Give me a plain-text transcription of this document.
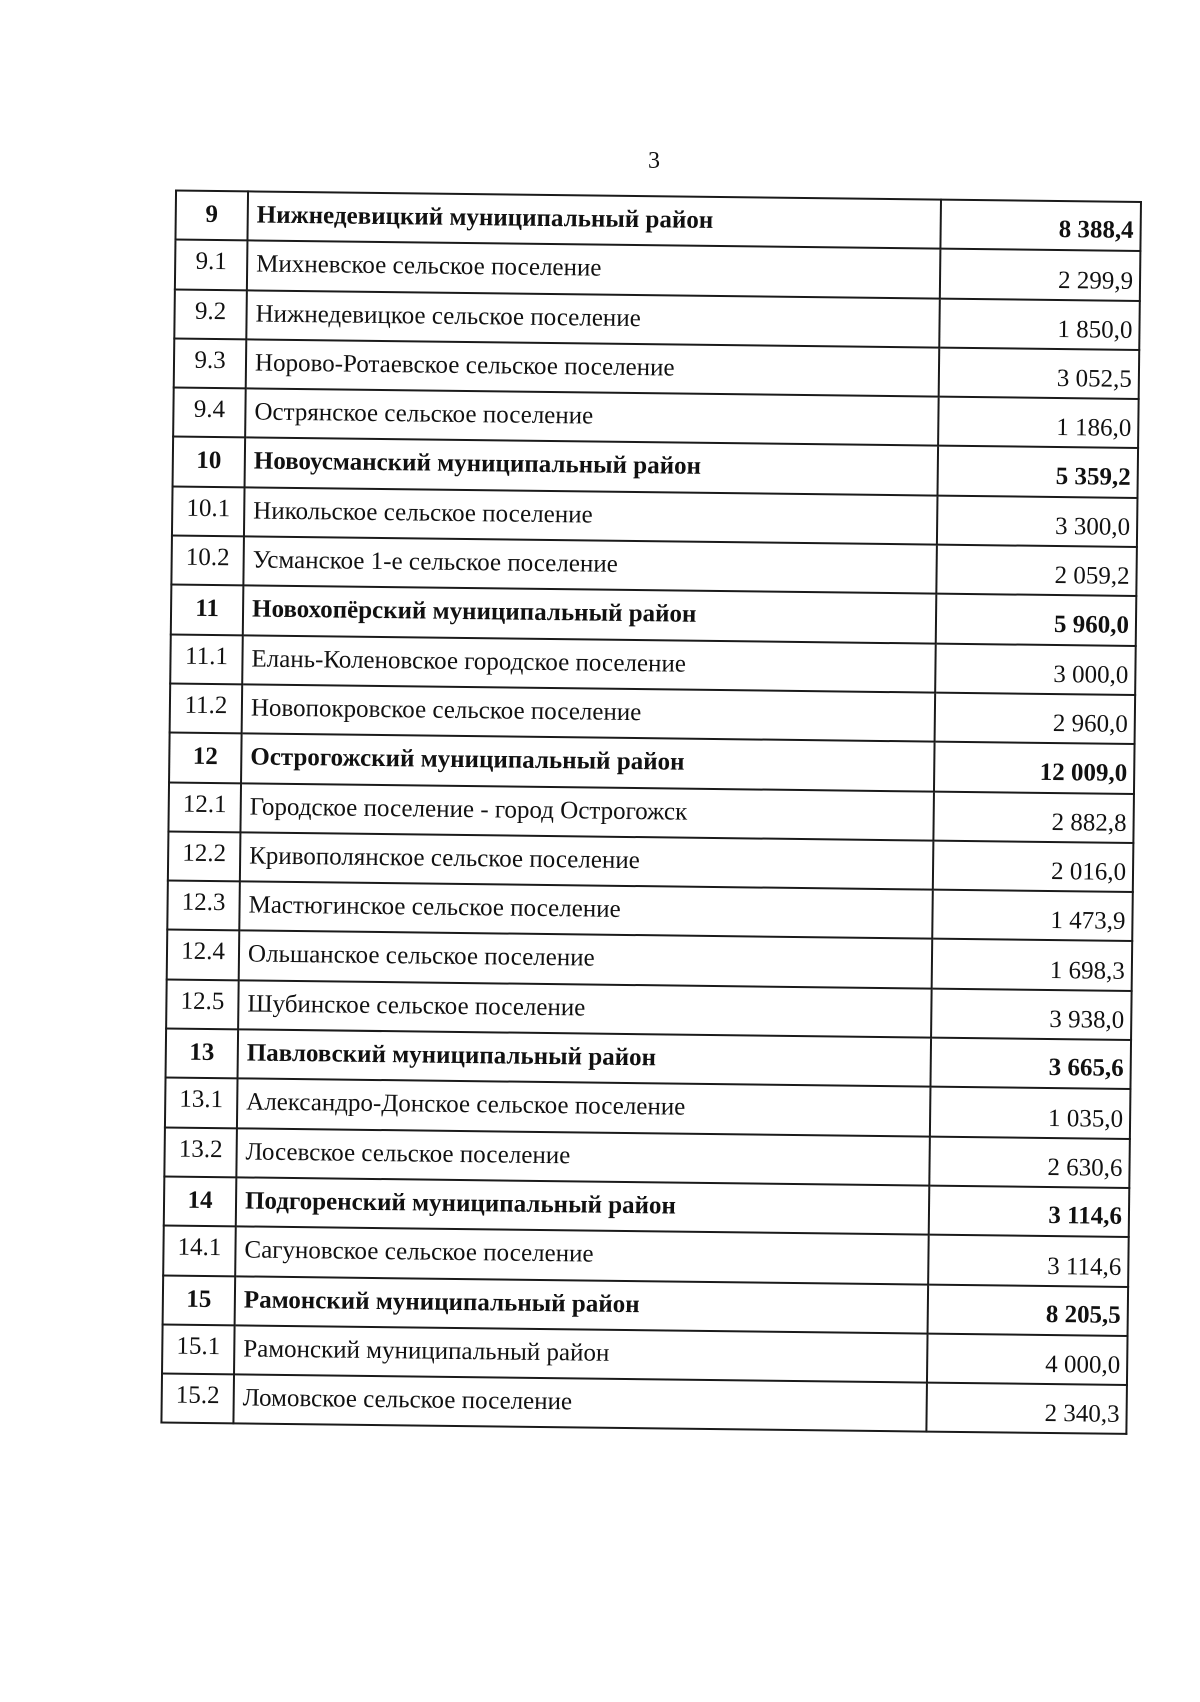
3
9	Нижнедевицкий муниципальный район	8 388,4
9.1	Михневское сельское поселение	2 299,9
9.2	Нижнедевицкое сельское поселение	1 850,0
9.3	Норово-Ротаевское сельское поселение	3 052,5
9.4	Острянское сельское поселение	1 186,0
10	Новоусманский муниципальный район	5 359,2
10.1	Никольское сельское поселение	3 300,0
10.2	Усманское 1-е сельское поселение	2 059,2
11	Новохопёрский муниципальный район	5 960,0
11.1	Елань-Коленовское городское поселение	3 000,0
11.2	Новопокровское сельское поселение	2 960,0
12	Острогожский муниципальный район	12 009,0
12.1	Городское поселение - город Острогожск	2 882,8
12.2	Кривополянское сельское поселение	2 016,0
12.3	Мастюгинское сельское поселение	1 473,9
12.4	Ольшанское сельское поселение	1 698,3
12.5	Шубинское сельское поселение	3 938,0
13	Павловский муниципальный район	3 665,6
13.1	Александро-Донское сельское поселение	1 035,0
13.2	Лосевское сельское поселение	2 630,6
14	Подгоренский муниципальный район	3 114,6
14.1	Сагуновское сельское поселение	3 114,6
15	Рамонский муниципальный район	8 205,5
15.1	Рамонский муниципальный район	4 000,0
15.2	Ломовское сельское поселение	2 340,3
